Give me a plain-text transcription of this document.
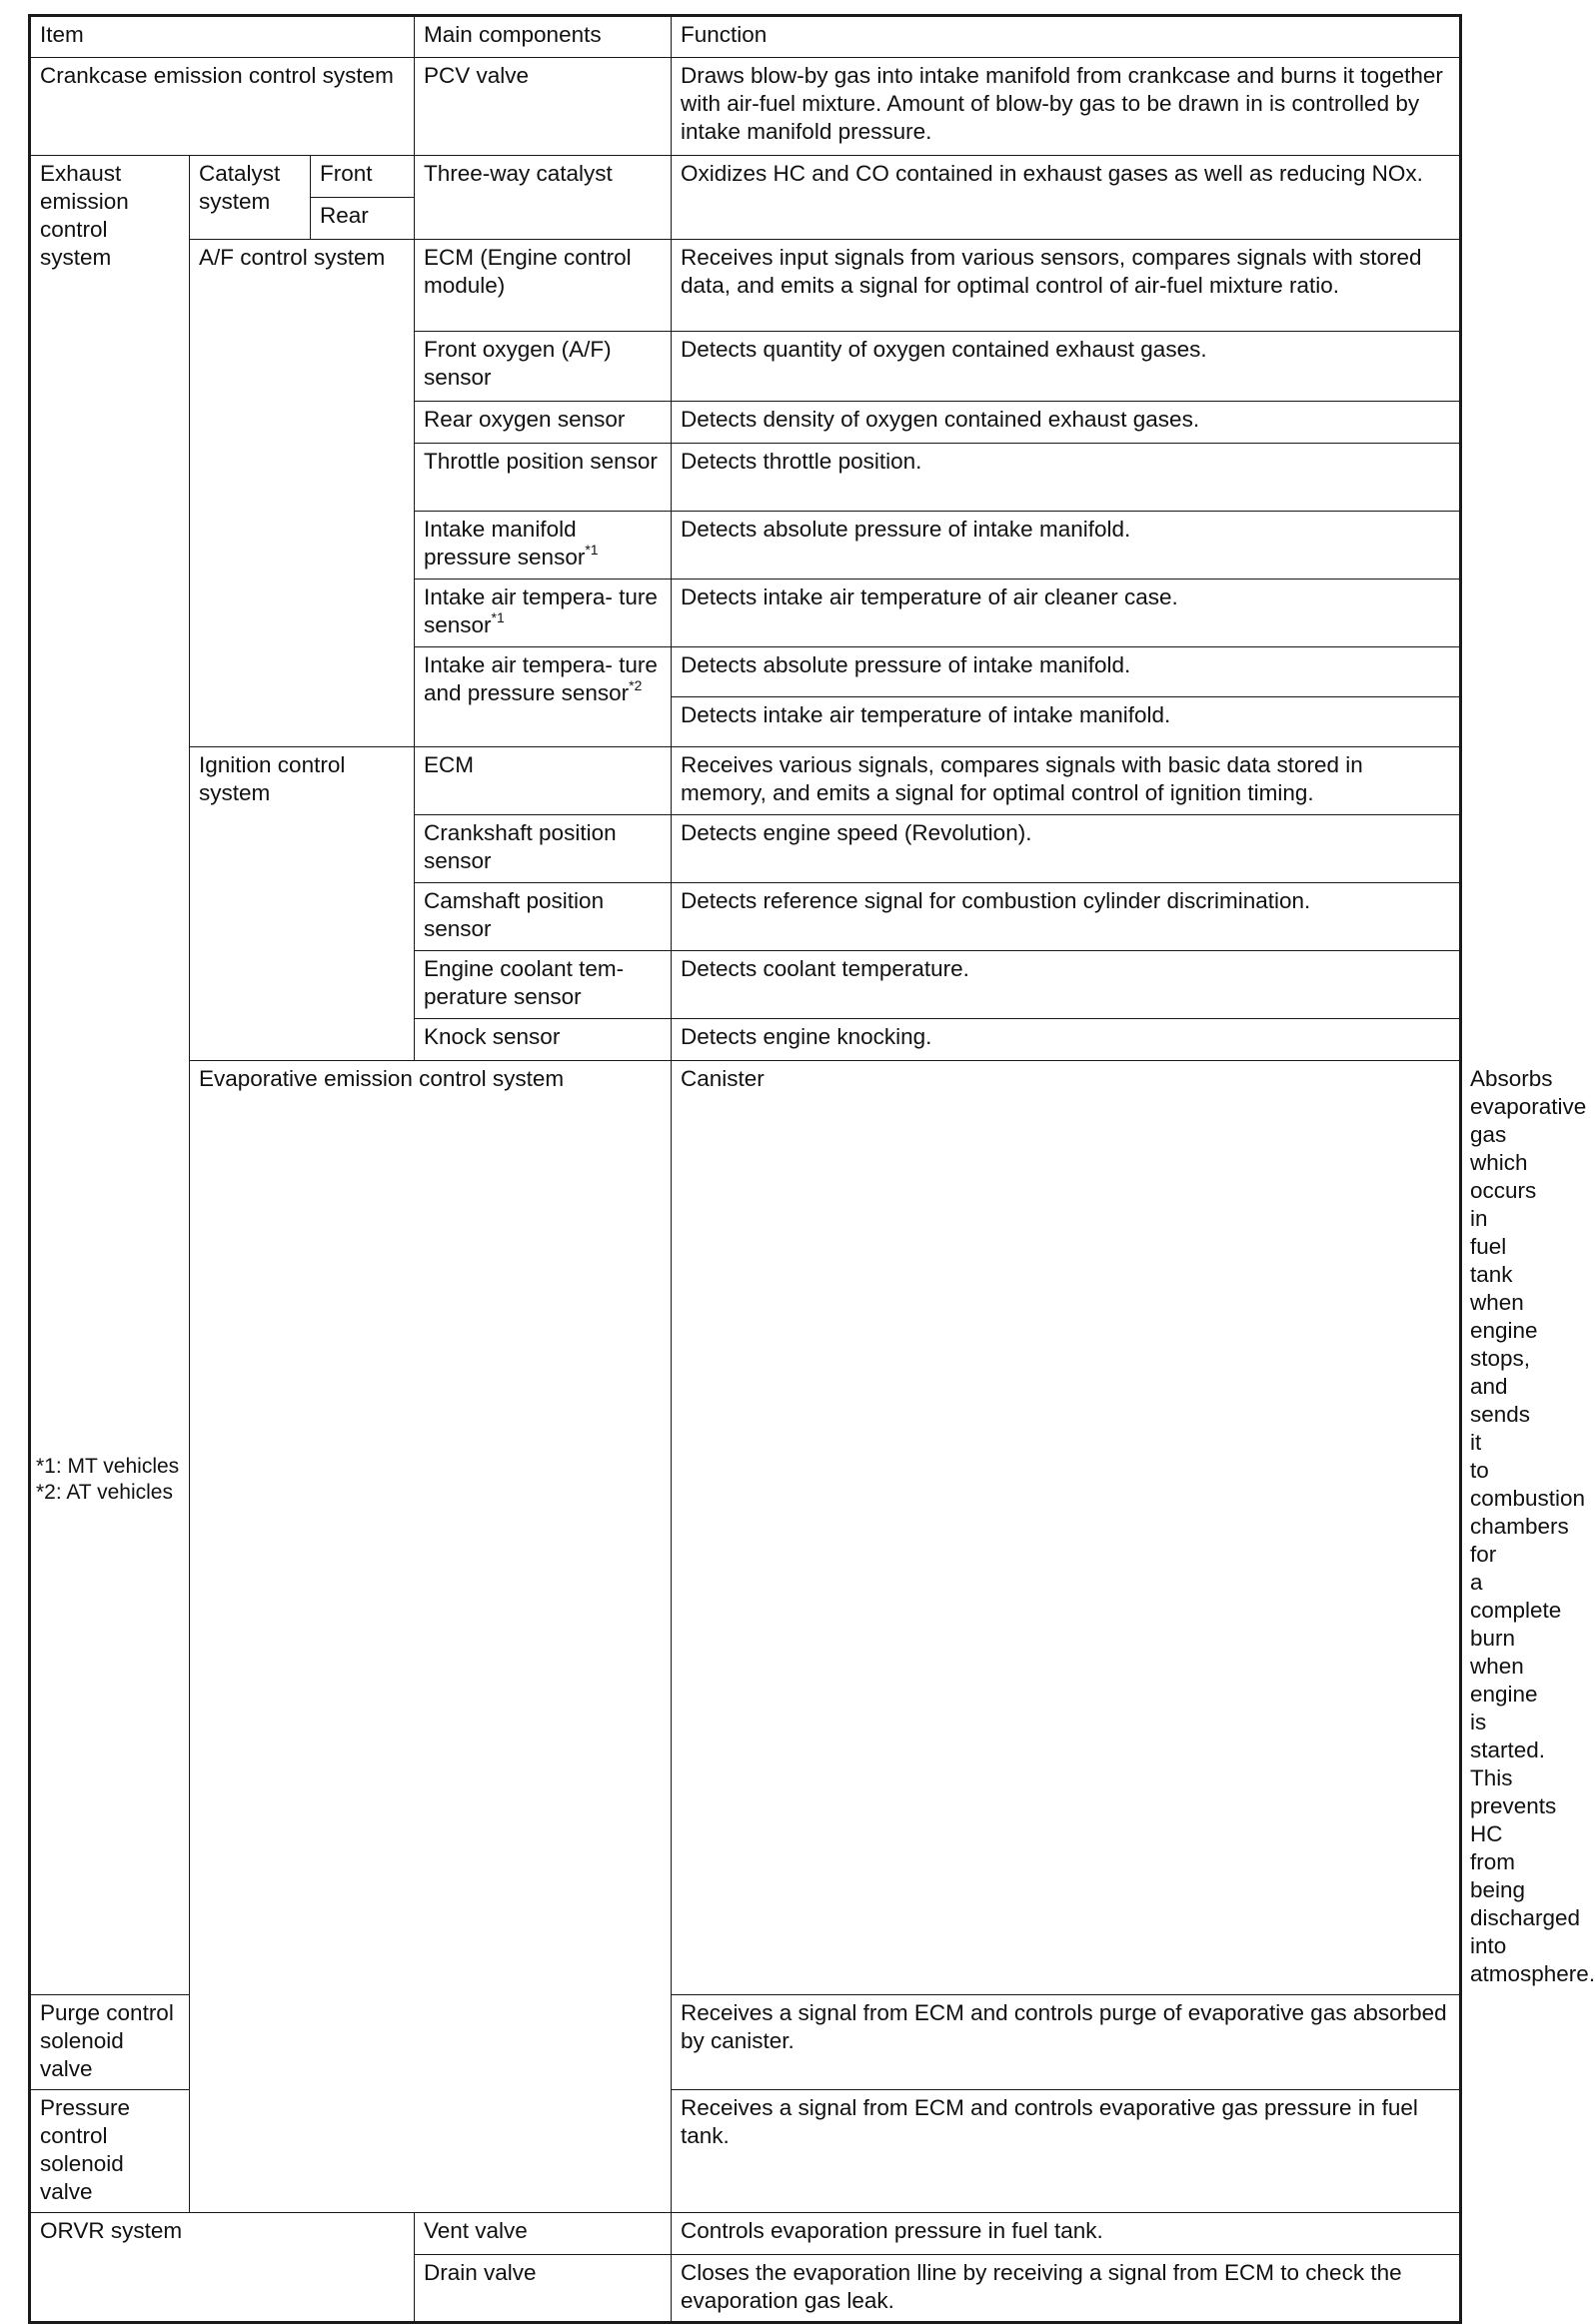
Item			Main components	Function	
Crankcase emission control system			PCV valve	Draws blow-by gas into intake manifold from crankcase and burns it together with air-fuel mixture. Amount of blow-by gas to be drawn in is controlled by intake manifold pressure.	
Exhaust emission control system	Catalyst system	Front	Three-way catalyst	Oxidizes HC and CO contained in exhaust gases as well as reducing NOx.	
		Rear			
	A/F control system		ECM (Engine control module)	Receives input signals from various sensors, compares signals with stored data, and emits a signal for optimal control of air-fuel mixture ratio.	
			Front oxygen (A/F) sensor	Detects quantity of oxygen contained exhaust gases.	
			Rear oxygen sensor	Detects density of oxygen contained exhaust gases.	
			Throttle position sensor	Detects throttle position.	
			Intake manifold pressure sensor$^{*1}$	Detects absolute pressure of intake manifold.	
			Intake air tempera- ture sensor$^{*1}$	Detects intake air temperature of air cleaner case.	
			Intake air tempera- ture and pressure sensor$^{*2}$	Detects absolute pressure of intake manifold.	
				Detects intake air temperature of intake manifold.	
	Ignition control system		ECM	Receives various signals, compares signals with basic data stored in memory, and emits a signal for optimal control of ignition timing.	
			Crankshaft position sensor	Detects engine speed (Revolution).	
			Camshaft position sensor	Detects reference signal for combustion cylinder discrimination.	
			Engine coolant tem- perature sensor	Detects coolant temperature.	
			Knock sensor	Detects engine knocking.	
	Evaporative emission control system			Canister	Absorbs evaporative gas which occurs in fuel tank when engine stops, and sends it to combustion chambers for a complete burn when engine is started. This prevents HC from being discharged into atmosphere.
Purge control solenoid valve				Receives a signal from ECM and controls purge of evaporative gas absorbed by canister.	
Pressure control solenoid valve				Receives a signal from ECM and controls evaporative gas pressure in fuel tank.	
ORVR system			Vent valve	Controls evaporation pressure in fuel tank.	
			Drain valve	Closes the evaporation lline by receiving a signal from ECM to check the evaporation gas leak.	
*1: MT vehicles
*2: AT vehicles
